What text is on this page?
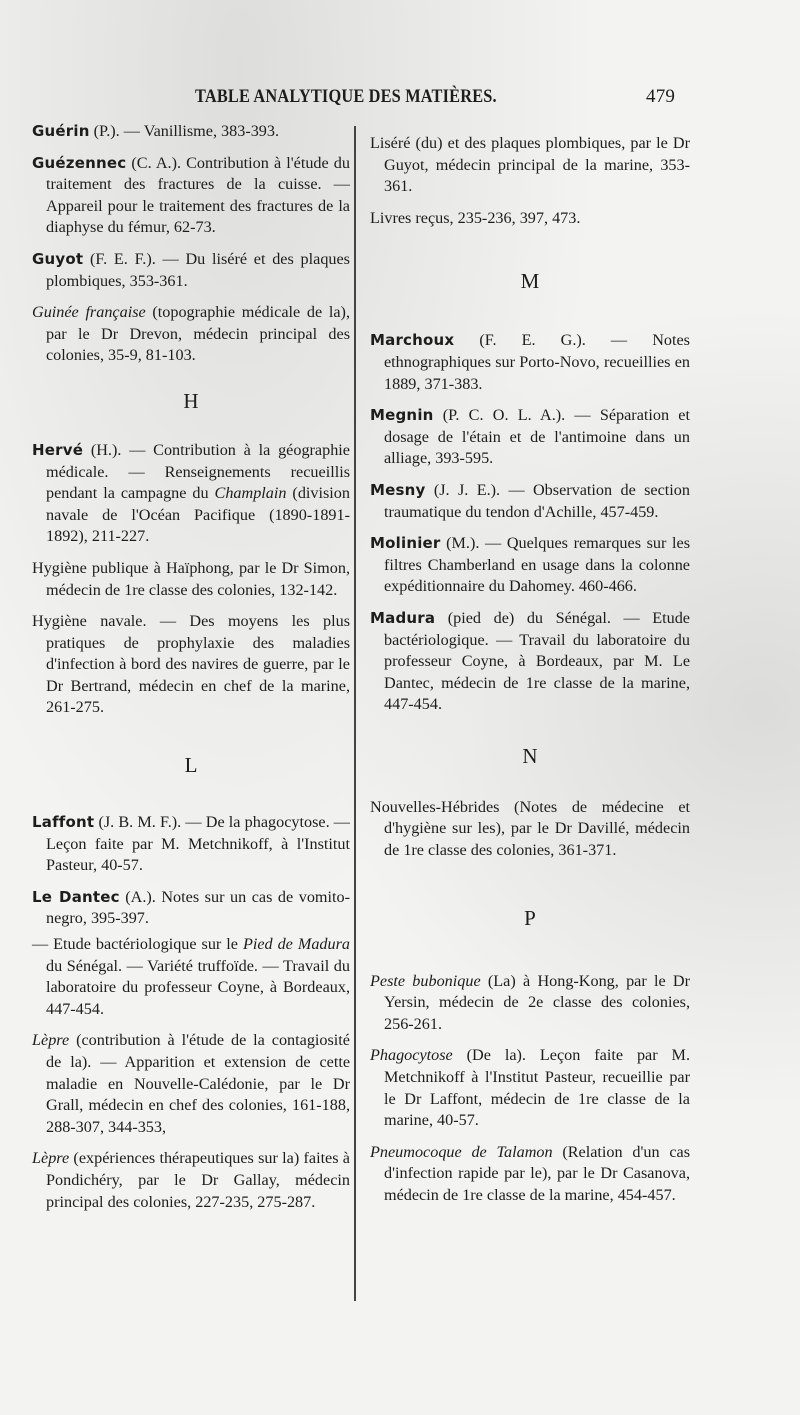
TABLE ANALYTIQUE DES MATIÈRES.	479
Guérin (P.). — Vanillisme, 383-393.
Guézennec (C. A.). Contribution à l'étude du traitement des fractures de la cuisse. — Appareil pour le traitement des fractures de la diaphyse du fémur, 62-73.
Guyot (F. E. F.). — Du liséré et des plaques plombiques, 353-361.
Guinée française (topographie médicale de la), par le Dr Drevon, médecin principal des colonies, 35-9, 81-103.
H
Hervé (H.). — Contribution à la géographie médicale. — Renseignements recueillis pendant la campagne du Champlain (division navale de l'Océan Pacifique (1890-1891-1892), 211-227.
Hygiène publique à Haïphong, par le Dr Simon, médecin de 1re classe des colonies, 132-142.
Hygiène navale. — Des moyens les plus pratiques de prophylaxie des maladies d'infection à bord des navires de guerre, par le Dr Bertrand, médecin en chef de la marine, 261-275.
L
Laffont (J. B. M. F.). — De la phagocytose. — Leçon faite par M. Metchnikoff, à l'Institut Pasteur, 40-57.
Le Dantec (A.). Notes sur un cas de vomito-negro, 395-397.
— Etude bactériologique sur le Pied de Madura du Sénégal. — Variété truffoïde. — Travail du laboratoire du professeur Coyne, à Bordeaux, 447-454.
Lèpre (contribution à l'étude de la contagiosité de la). — Apparition et extension de cette maladie en Nouvelle-Calédonie, par le Dr Grall, médecin en chef des colonies, 161-188, 288-307, 344-353,
Lèpre (expériences thérapeutiques sur la) faites à Pondichéry, par le Dr Gallay, médecin principal des colonies, 227-235, 275-287.
Liséré (du) et des plaques plombiques, par le Dr Guyot, médecin principal de la marine, 353-361.
Livres reçus, 235-236, 397, 473.
M
Marchoux (F. E. G.). — Notes ethnographiques sur Porto-Novo, recueillies en 1889, 371-383.
Megnin (P. C. O. L. A.). — Séparation et dosage de l'étain et de l'antimoine dans un alliage, 393-595.
Mesny (J. J. E.). — Observation de section traumatique du tendon d'Achille, 457-459.
Molinier (M.). — Quelques remarques sur les filtres Chamberland en usage dans la colonne expéditionnaire du Dahomey. 460-466.
Madura (pied de) du Sénégal. — Etude bactériologique. — Travail du laboratoire du professeur Coyne, à Bordeaux, par M. Le Dantec, médecin de 1re classe de la marine, 447-454.
N
Nouvelles-Hébrides (Notes de médecine et d'hygiène sur les), par le Dr Davillé, médecin de 1re classe des colonies, 361-371.
P
Peste bubonique (La) à Hong-Kong, par le Dr Yersin, médecin de 2e classe des colonies, 256-261.
Phagocytose (De la). Leçon faite par M. Metchnikoff à l'Institut Pasteur, recueillie par le Dr Laffont, médecin de 1re classe de la marine, 40-57.
Pneumocoque de Talamon (Relation d'un cas d'infection rapide par le), par le Dr Casanova, médecin de 1re classe de la marine, 454-457.
